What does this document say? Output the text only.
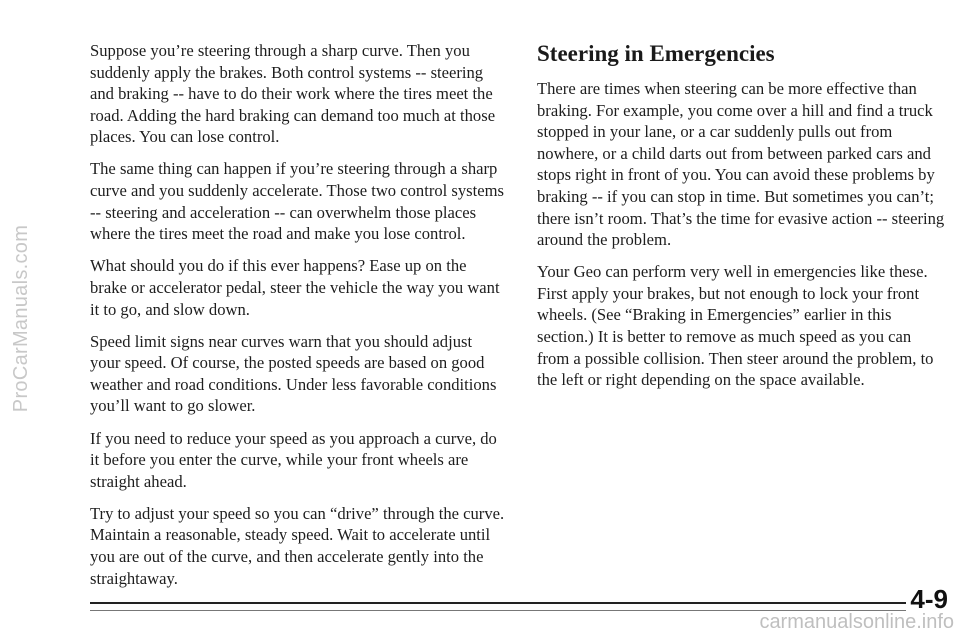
ProCarManuals.com

Suppose you’re steering through a sharp curve. Then you suddenly apply the brakes. Both control systems -- steering and braking -- have to do their work where the tires meet the road. Adding the hard braking can demand too much at those places. You can lose control.

The same thing can happen if you’re steering through a sharp curve and you suddenly accelerate. Those two control systems -- steering and acceleration -- can overwhelm those places where the tires meet the road and make you lose control.

What should you do if this ever happens? Ease up on the brake or accelerator pedal, steer the vehicle the way you want it to go, and slow down.

Speed limit signs near curves warn that you should adjust your speed. Of course, the posted speeds are based on good weather and road conditions. Under less favorable conditions you’ll want to go slower.

If you need to reduce your speed as you approach a curve, do it before you enter the curve, while your front wheels are straight ahead.

Try to adjust your speed so you can “drive” through the curve. Maintain a reasonable, steady speed. Wait to accelerate until you are out of the curve, and then accelerate gently into the straightaway.

Steering in Emergencies

There are times when steering can be more effective than braking. For example, you come over a hill and find a truck stopped in your lane, or a car suddenly pulls out from nowhere, or a child darts out from between parked cars and stops right in front of you. You can avoid these problems by braking -- if you can stop in time. But sometimes you can’t; there isn’t room. That’s the time for evasive action -- steering around the problem.

Your Geo can perform very well in emergencies like these. First apply your brakes, but not enough to lock your front wheels. (See “Braking in Emergencies” earlier in this section.) It is better to remove as much speed as you can from a possible collision. Then steer around the problem, to the left or right depending on the space available.

4-9
carmanualsonline.info
